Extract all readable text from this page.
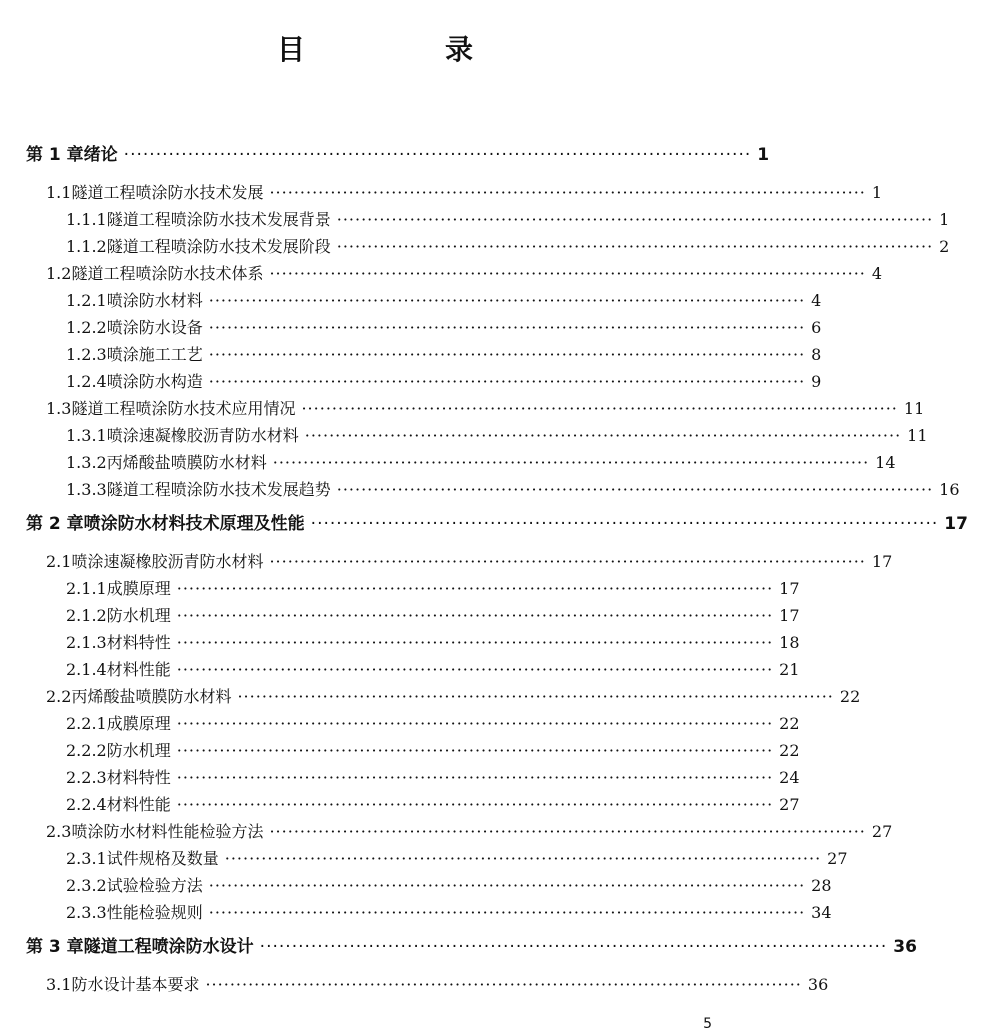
目　录
第 1 章 绪论 ·································································································· 1
1.1 隧道工程喷涂防水技术发展 ·································································································· 1
1.1.1 隧道工程喷涂防水技术发展背景 ·································································································· 1
1.1.2 隧道工程喷涂防水技术发展阶段 ·································································································· 2
1.2 隧道工程喷涂防水技术体系 ·································································································· 4
1.2.1 喷涂防水材料 ·································································································· 4
1.2.2 喷涂防水设备 ·································································································· 6
1.2.3 喷涂施工工艺 ·································································································· 8
1.2.4 喷涂防水构造 ·································································································· 9
1.3 隧道工程喷涂防水技术应用情况 ·································································································· 11
1.3.1 喷涂速凝橡胶沥青防水材料 ·································································································· 11
1.3.2 丙烯酸盐喷膜防水材料 ·································································································· 14
1.3.3 隧道工程喷涂防水技术发展趋势 ·································································································· 16
第 2 章 喷涂防水材料技术原理及性能 ·································································································· 17
2.1 喷涂速凝橡胶沥青防水材料 ·································································································· 17
2.1.1 成膜原理 ·································································································· 17
2.1.2 防水机理 ·································································································· 17
2.1.3 材料特性 ·································································································· 18
2.1.4 材料性能 ·································································································· 21
2.2 丙烯酸盐喷膜防水材料 ·································································································· 22
2.2.1 成膜原理 ·································································································· 22
2.2.2 防水机理 ·································································································· 22
2.2.3 材料特性 ·································································································· 24
2.2.4 材料性能 ·································································································· 27
2.3 喷涂防水材料性能检验方法 ·································································································· 27
2.3.1 试件规格及数量 ·································································································· 27
2.3.2 试验检验方法 ·································································································· 28
2.3.3 性能检验规则 ·································································································· 34
第 3 章 隧道工程喷涂防水设计 ·································································································· 36
3.1 防水设计基本要求 ·································································································· 36
5
